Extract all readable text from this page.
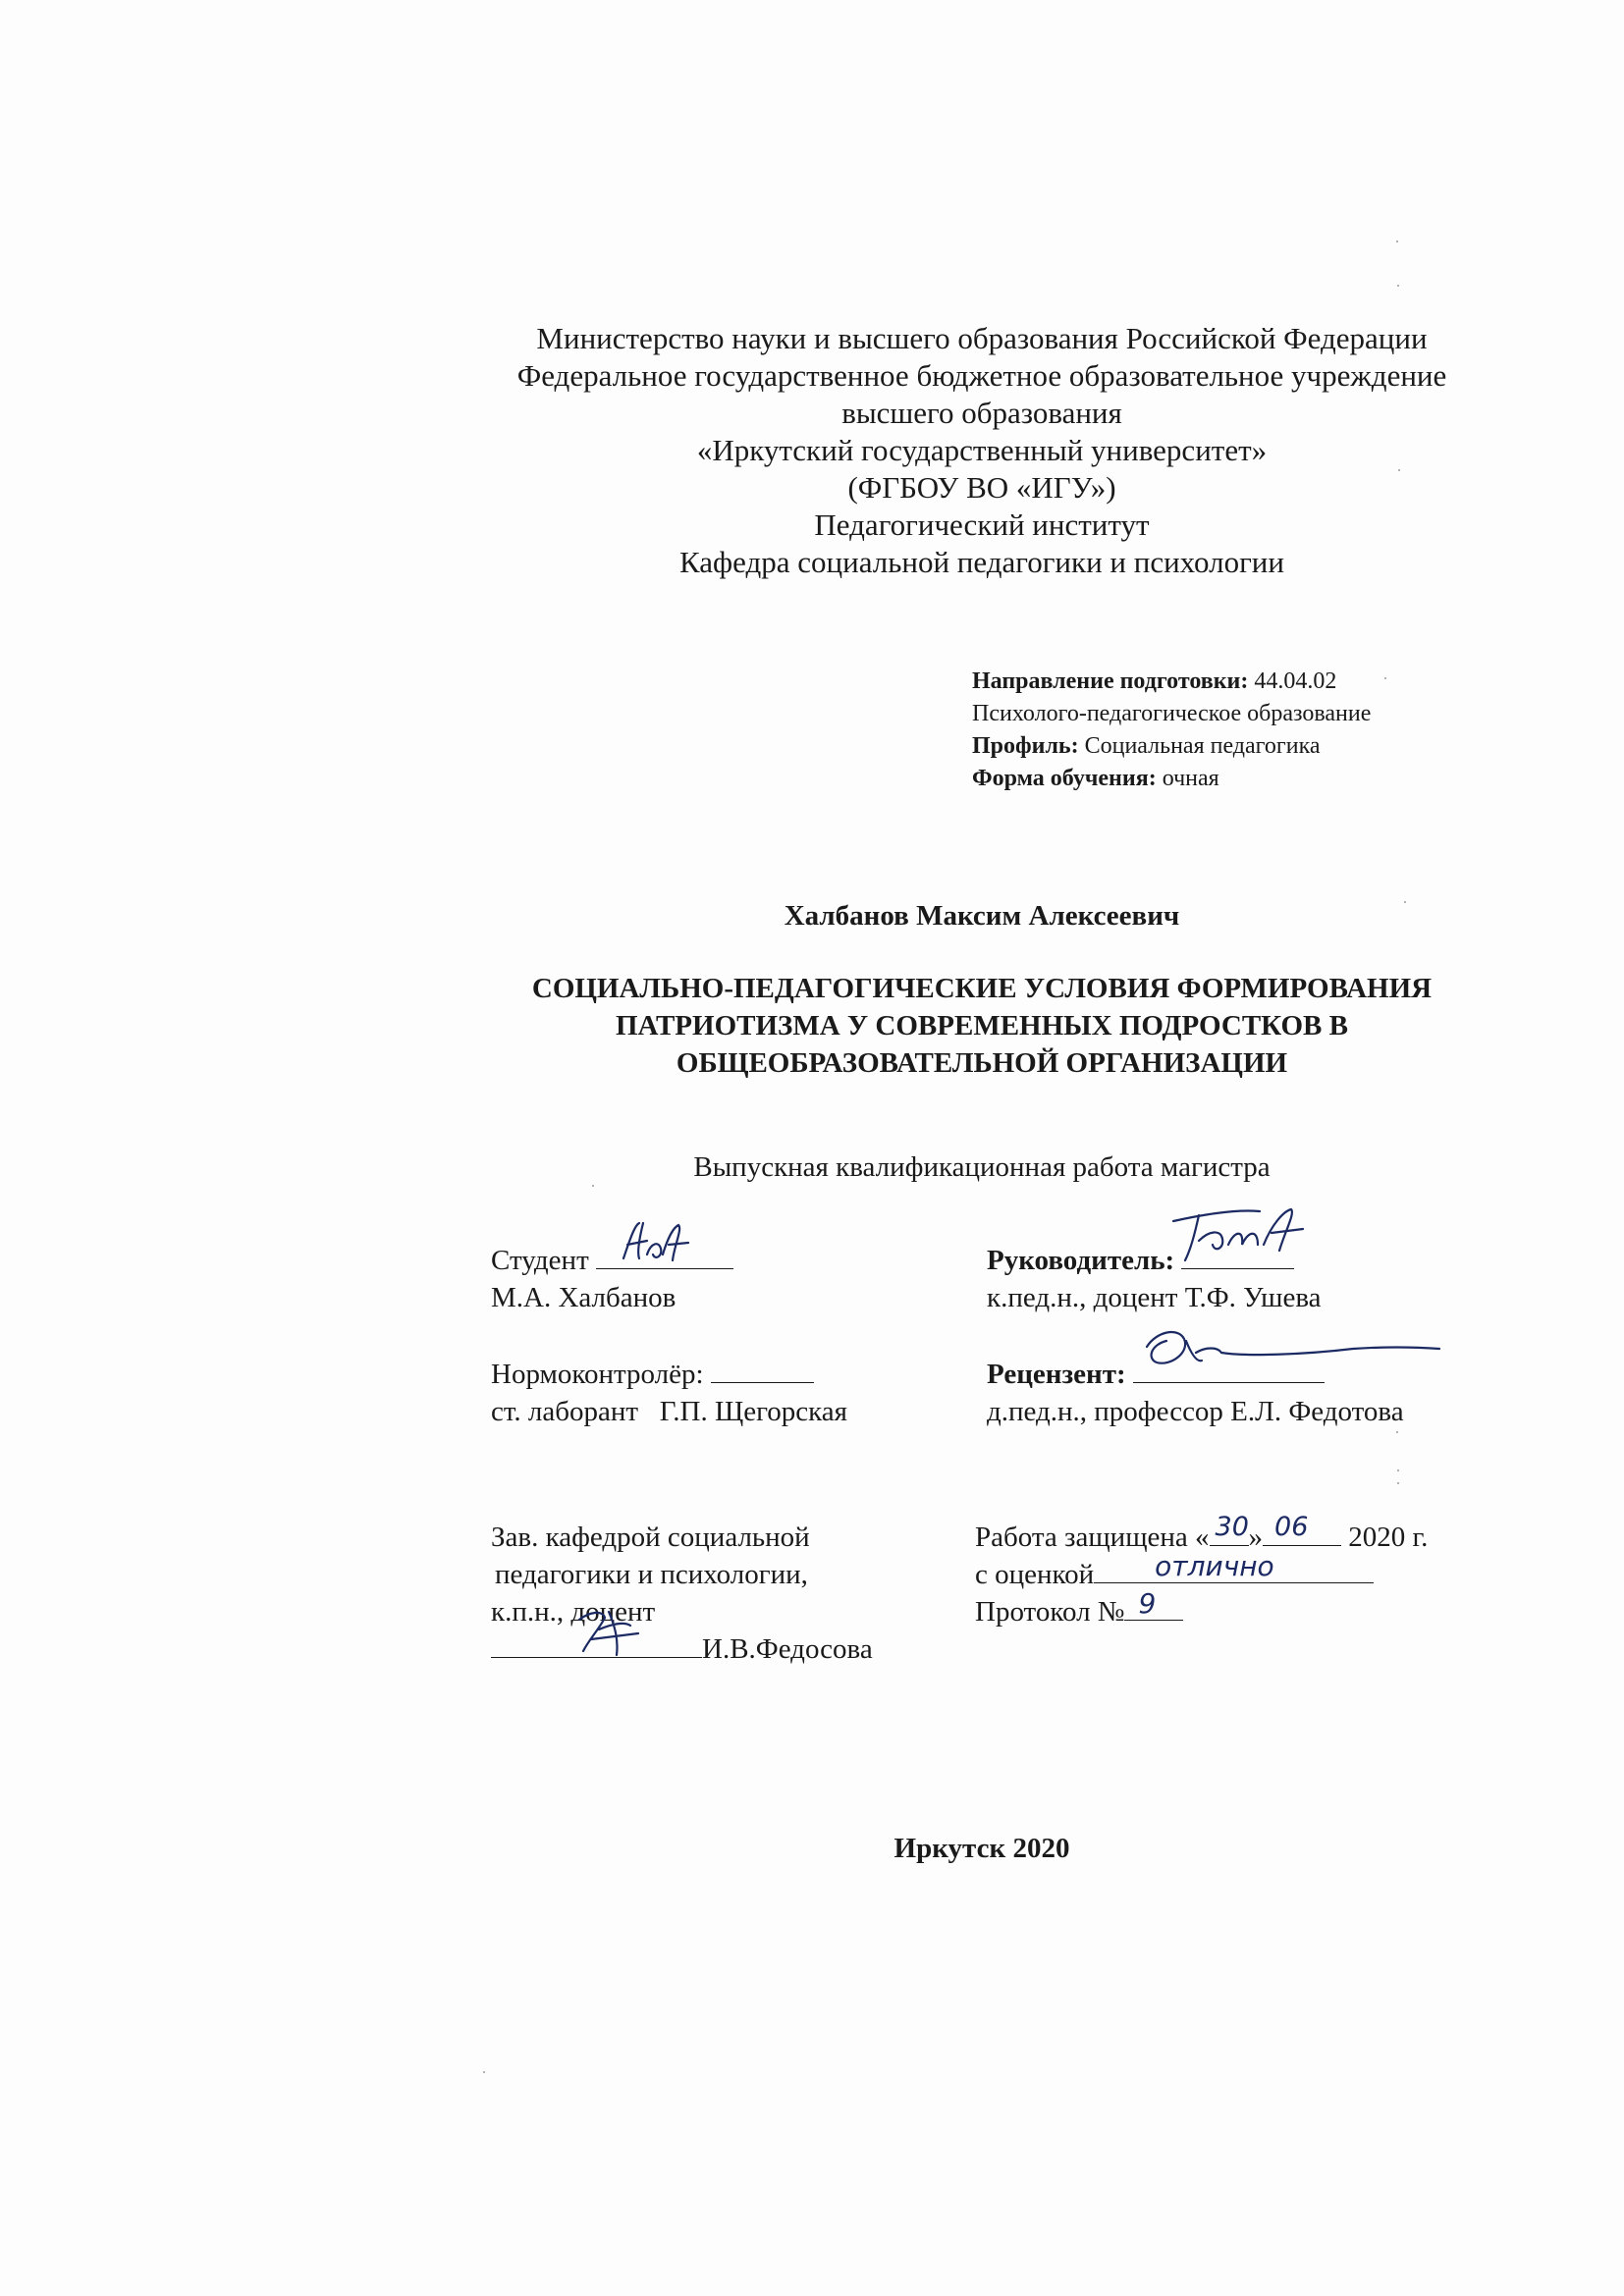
Министерство науки и высшего образования Российской Федерации
Федеральное государственное бюджетное образовательное учреждение
высшего образования
«Иркутский государственный университет»
(ФГБОУ ВО «ИГУ»)
Педагогический институт
Кафедра социальной педагогики и психологии
Направление подготовки: 44.04.02
Психолого-педагогическое образование
Профиль: Социальная педагогика
Форма обучения: очная
Халбанов Максим Алексеевич
СОЦИАЛЬНО-ПЕДАГОГИЧЕСКИЕ УСЛОВИЯ ФОРМИРОВАНИЯ
ПАТРИОТИЗМА У СОВРЕМЕННЫХ ПОДРОСТКОВ В
ОБЩЕОБРАЗОВАТЕЛЬНОЙ ОРГАНИЗАЦИИ
Выпускная квалификационная работа магистра
Студент
М.А. Халбанов
Руководитель:
к.пед.н., доцент Т.Ф. Ушева
Нормоконтролёр:
ст. лаборант   Г.П. Щегорская
Рецензент:
д.пед.н., профессор Е.Л. Федотова
Зав. кафедрой социальной
педагогики и психологии,
к.п.н., доцент
И.В.Федосова
Работа защищена « 30 » 06 2020 г.
с оценкой отлично
Протокол № 9
Иркутск 2020
